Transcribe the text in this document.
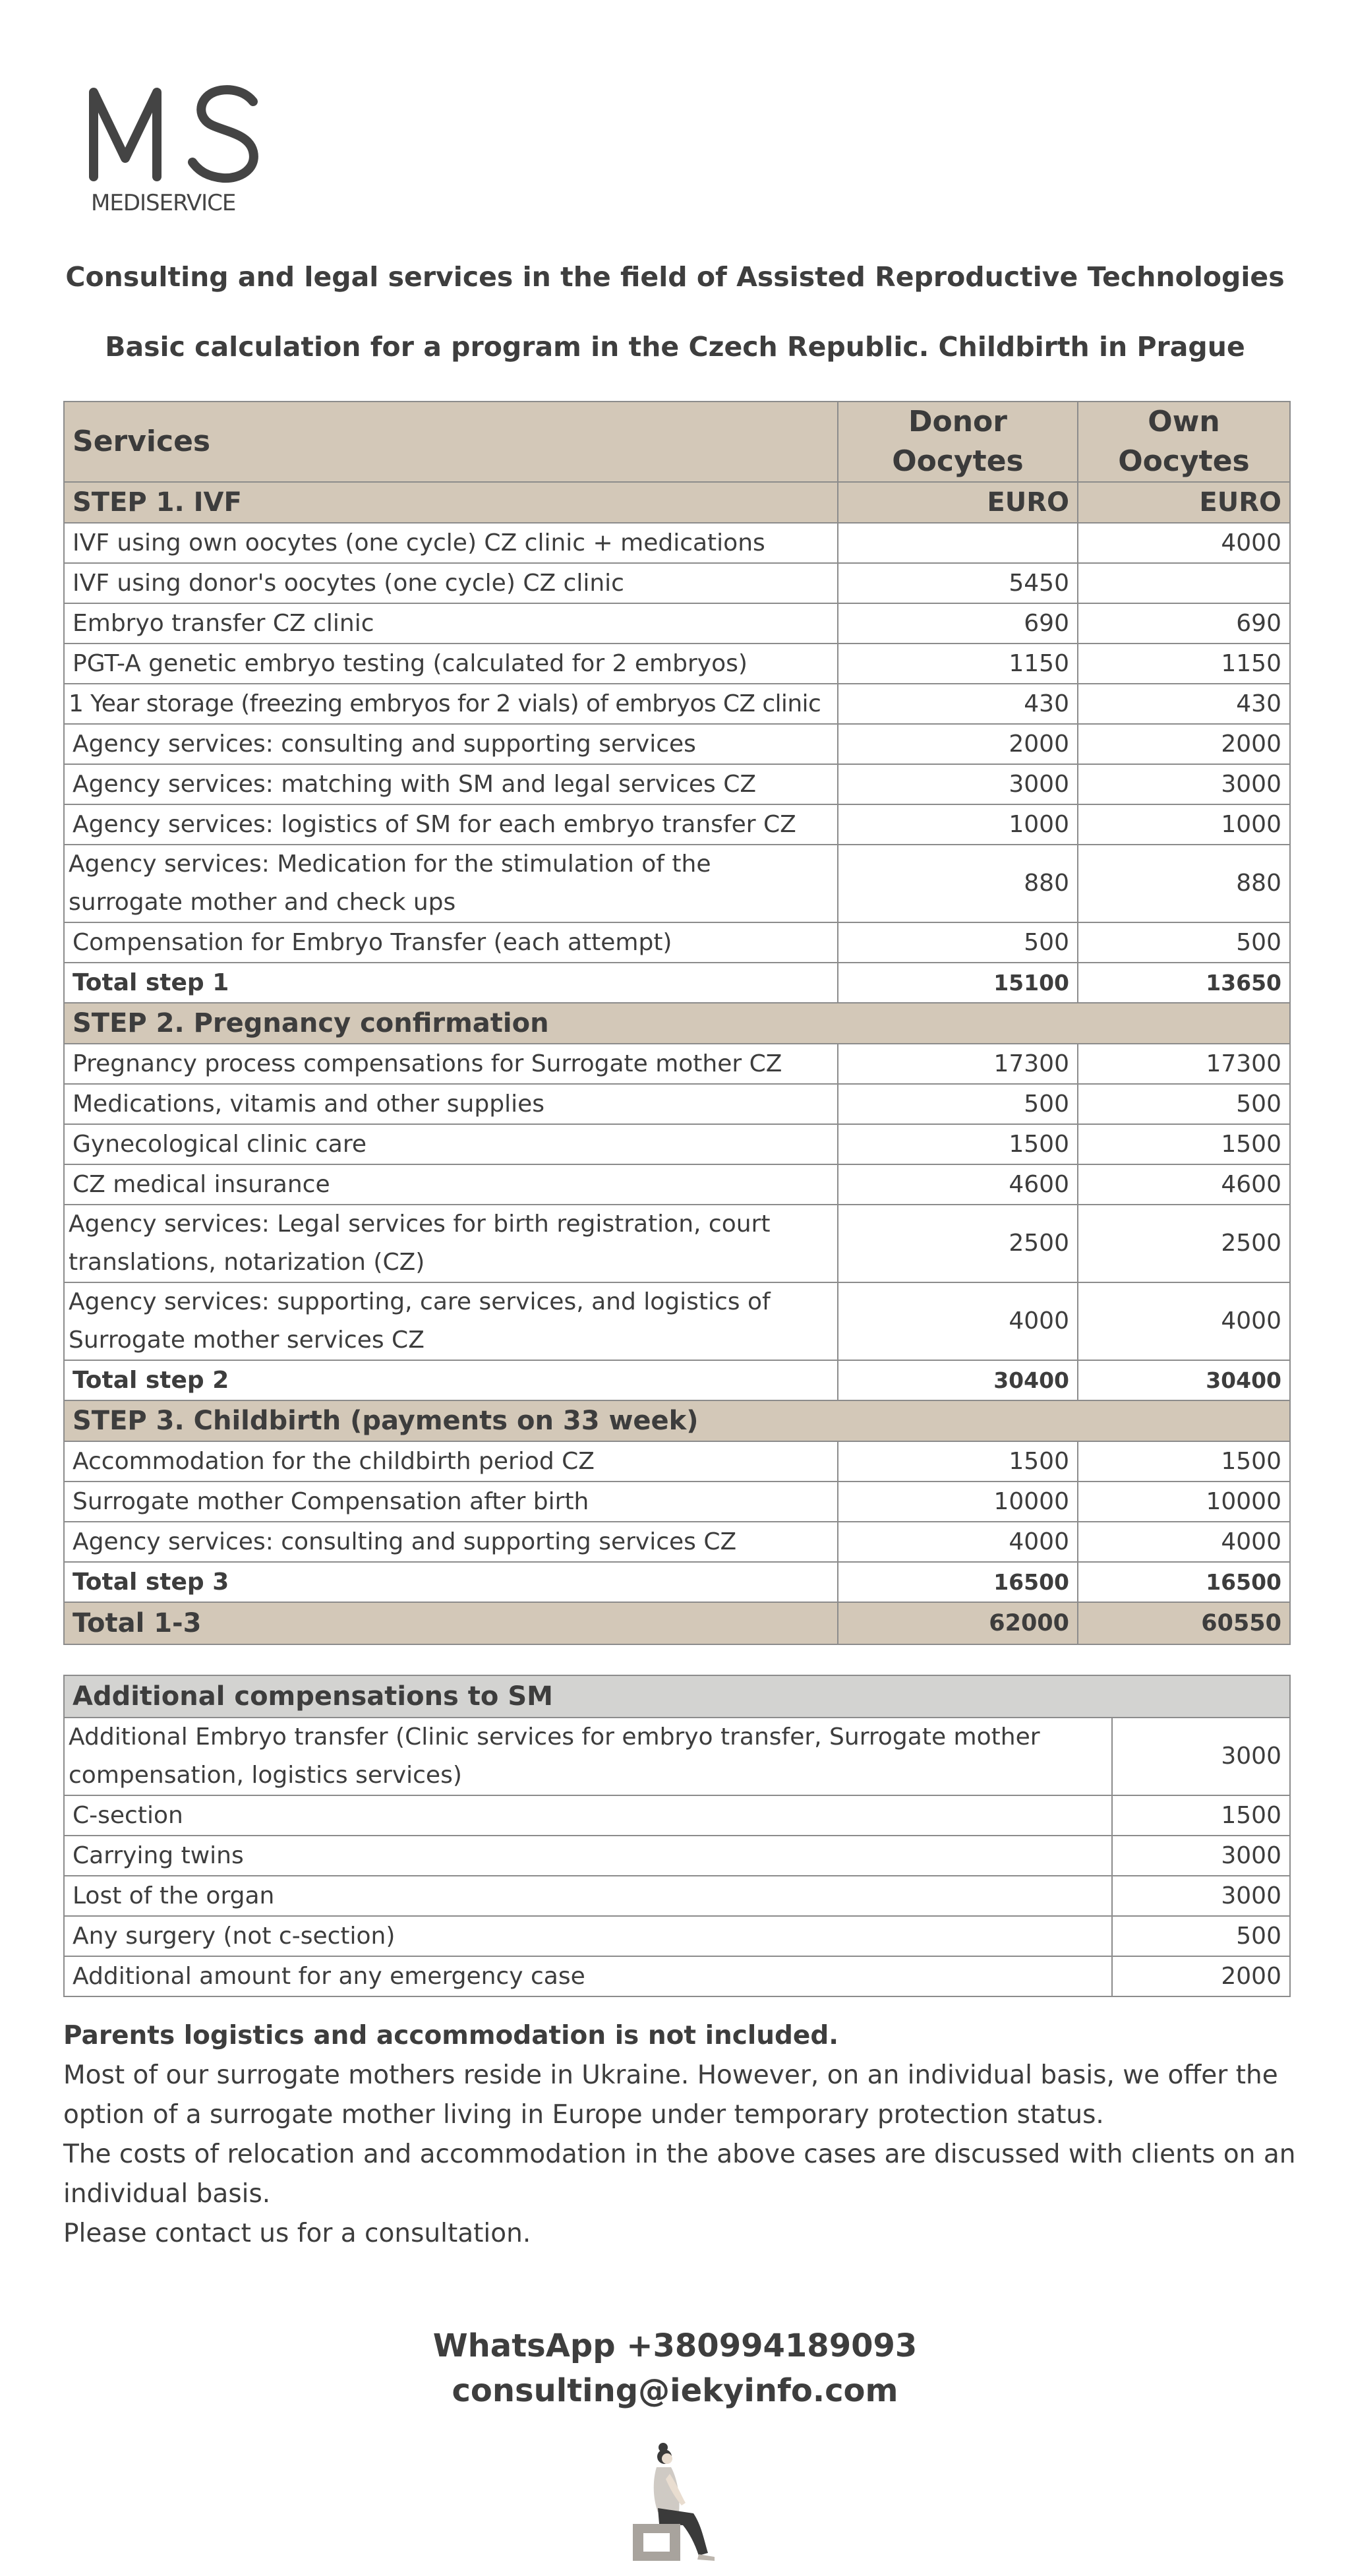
MEDISERVICE
Consulting and legal services in the field of Assisted Reproductive Technologies
Basic calculation for a program in the Czech Republic. Childbirth in Prague
Services	Donor Oocytes	Own Oocytes
STEP 1. IVF	EURO	EURO
IVF using own oocytes (one cycle) CZ clinic + medications		4000
IVF using donor's oocytes (one cycle) CZ clinic	5450	
Embryo transfer CZ clinic	690	690
PGT-A genetic embryo testing (calculated for 2 embryos)	1150	1150
1 Year storage (freezing embryos for 2 vials) of embryos CZ clinic	430	430
Agency services: consulting and supporting services	2000	2000
Agency services: matching with SM and legal services CZ	3000	3000
Agency services: logistics of SM for each embryo transfer CZ	1000	1000
Agency services: Medication for the stimulation of the surrogate mother and check ups	880	880
Compensation for Embryo Transfer (each attempt)	500	500
Total step 1	15100	13650
STEP 2. Pregnancy confirmation		
Pregnancy process compensations for Surrogate mother CZ	17300	17300
Medications, vitamis and other supplies	500	500
Gynecological clinic care	1500	1500
CZ medical insurance	4600	4600
Agency services: Legal services for birth registration, court translations, notarization (CZ)	2500	2500
Agency services: supporting, care services, and logistics of Surrogate mother services CZ	4000	4000
Total step 2	30400	30400
STEP 3. Childbirth (payments on 33 week)		
Accommodation for the childbirth period CZ	1500	1500
Surrogate mother Compensation after birth	10000	10000
Agency services: consulting and supporting services CZ	4000	4000
Total step 3	16500	16500
Total 1-3	62000	60550
Additional compensations to SM	
Additional Embryo transfer (Clinic services for embryo transfer, Surrogate mother compensation, logistics services)	3000
C-section	1500
Carrying twins	3000
Lost of the organ	3000
Any surgery (not c-section)	500
Additional amount for any emergency case	2000

Parents logistics and accommodation is not included.

Most of our surrogate mothers reside in Ukraine. However, on an individual basis, we offer the option of a surrogate mother living in Europe under temporary protection status.

The costs of relocation and accommodation in the above cases are discussed with clients on an individual basis.

Please contact us for a consultation.

WhatsApp +380994189093

consulting@iekyinfo.com
